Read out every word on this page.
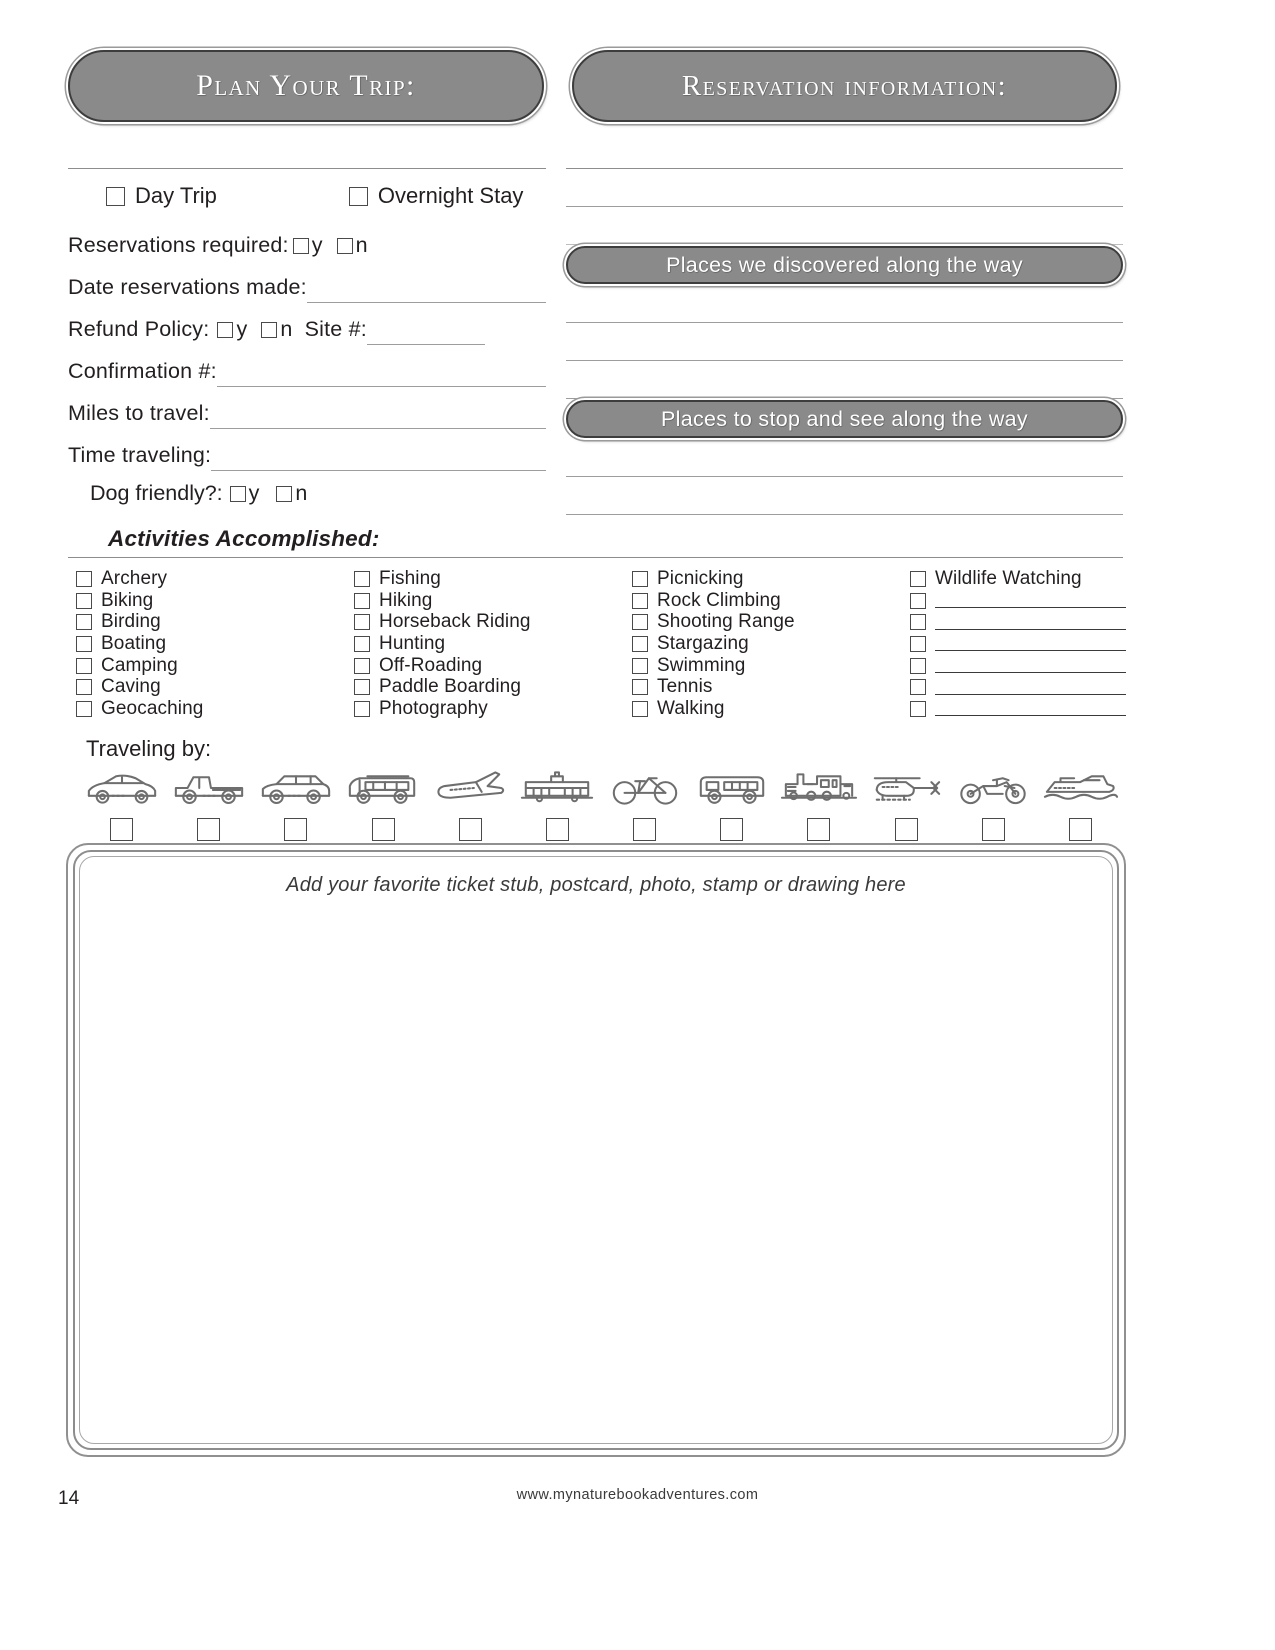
Plan Your Trip:	Reservation information:
Day Trip	Overnight Stay
Reservations required: y n
Date reservations made:
Refund Policy: y n Site #:
Confirmation #:
Miles to travel:
Time traveling:
Dog friendly?: y n
Activities Accomplished:
Places we discovered along the way
Places to stop and see along the way
Archery
Biking
Birding
Boating
Camping
Caving
Geocaching
Fishing
Hiking
Horseback Riding
Hunting
Off-Roading
Paddle Boarding
Photography
Picnicking
Rock Climbing
Shooting Range
Stargazing
Swimming
Tennis
Walking
Wildlife Watching
Traveling by:
Add your favorite ticket stub, postcard, photo, stamp or drawing here
14	www.mynaturebookadventures.com
